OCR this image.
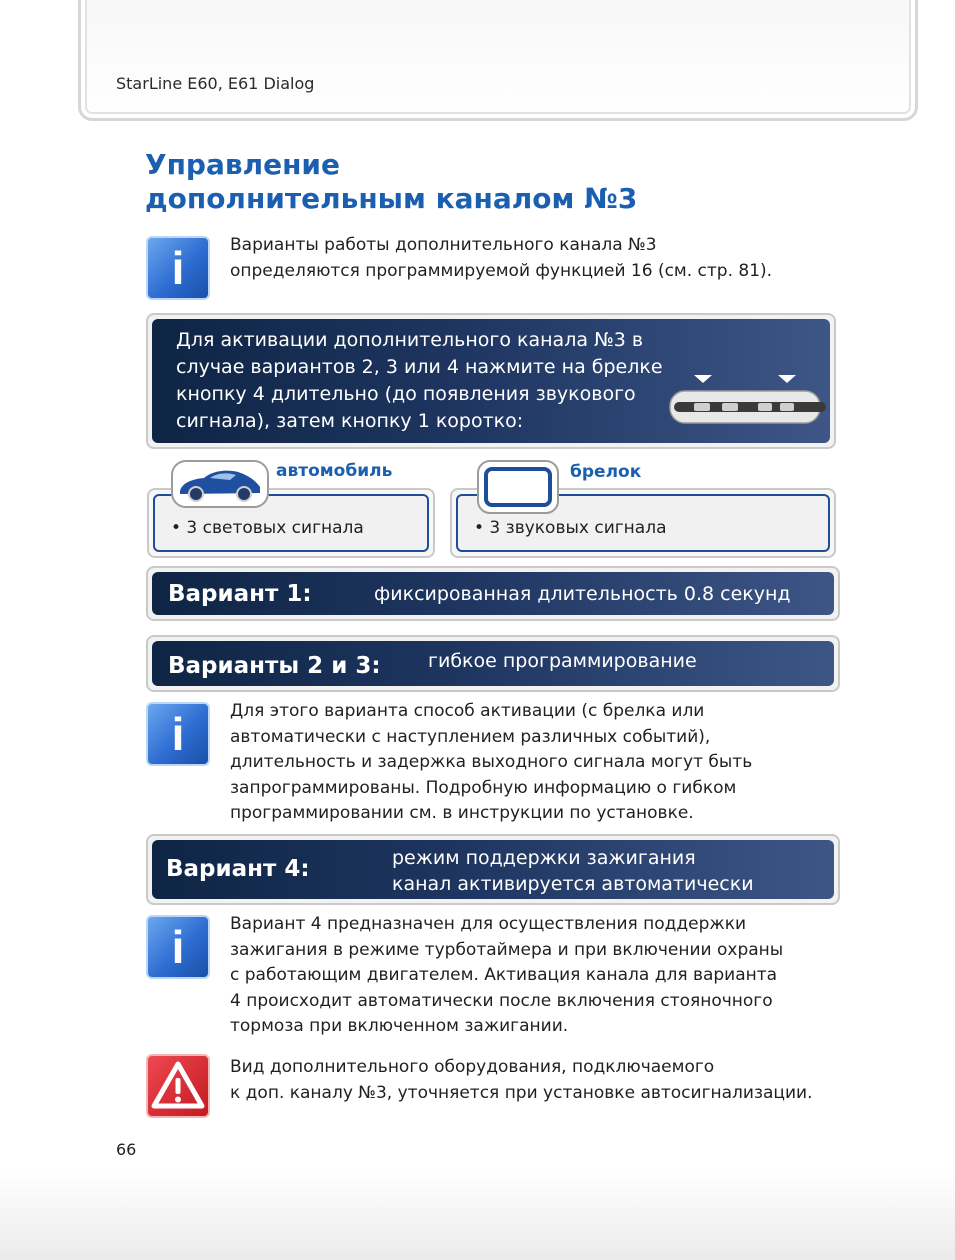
StarLine E60, E61 Dialog
Управление
дополнительным каналом №3
i	Варианты работы дополнительного канала №3
определяются программируемой функцией 16 (см. стр. 81).

Для активации дополнительного канала №3 в
случае вариантов 2, 3 или 4 нажмите на брелке
кнопку 4 длительно (до появления звукового
сигнала), затем кнопку 1 коротко:

• 3 световых сигнала
автомобиль
• 3 звуковых сигнала
брелок
Вариант 1:	фиксированная длительность 0.8 секунд
Варианты 2 и 3: гибкое программирование
i	Для этого варианта способ активации (с брелка или
автоматически с наступлением различных событий),
длительность и задержка выходного сигнала могут быть
запрограммированы. Подробную информацию о гибком
программировании см. в инструкции по установке.

Вариант 4:	режим поддержки зажигания
канал активируется автоматически
i	Вариант 4 предназначен для осуществления поддержки
зажигания в режиме турботаймера и при включении охраны
с работающим двигателем. Активация канала для варианта
4 происходит автоматически после включения стояночного
тормоза при включенном зажигании.

Вид дополнительного оборудования, подключаемого
к доп. каналу №3, уточняется при установке автосигнализации.

66
